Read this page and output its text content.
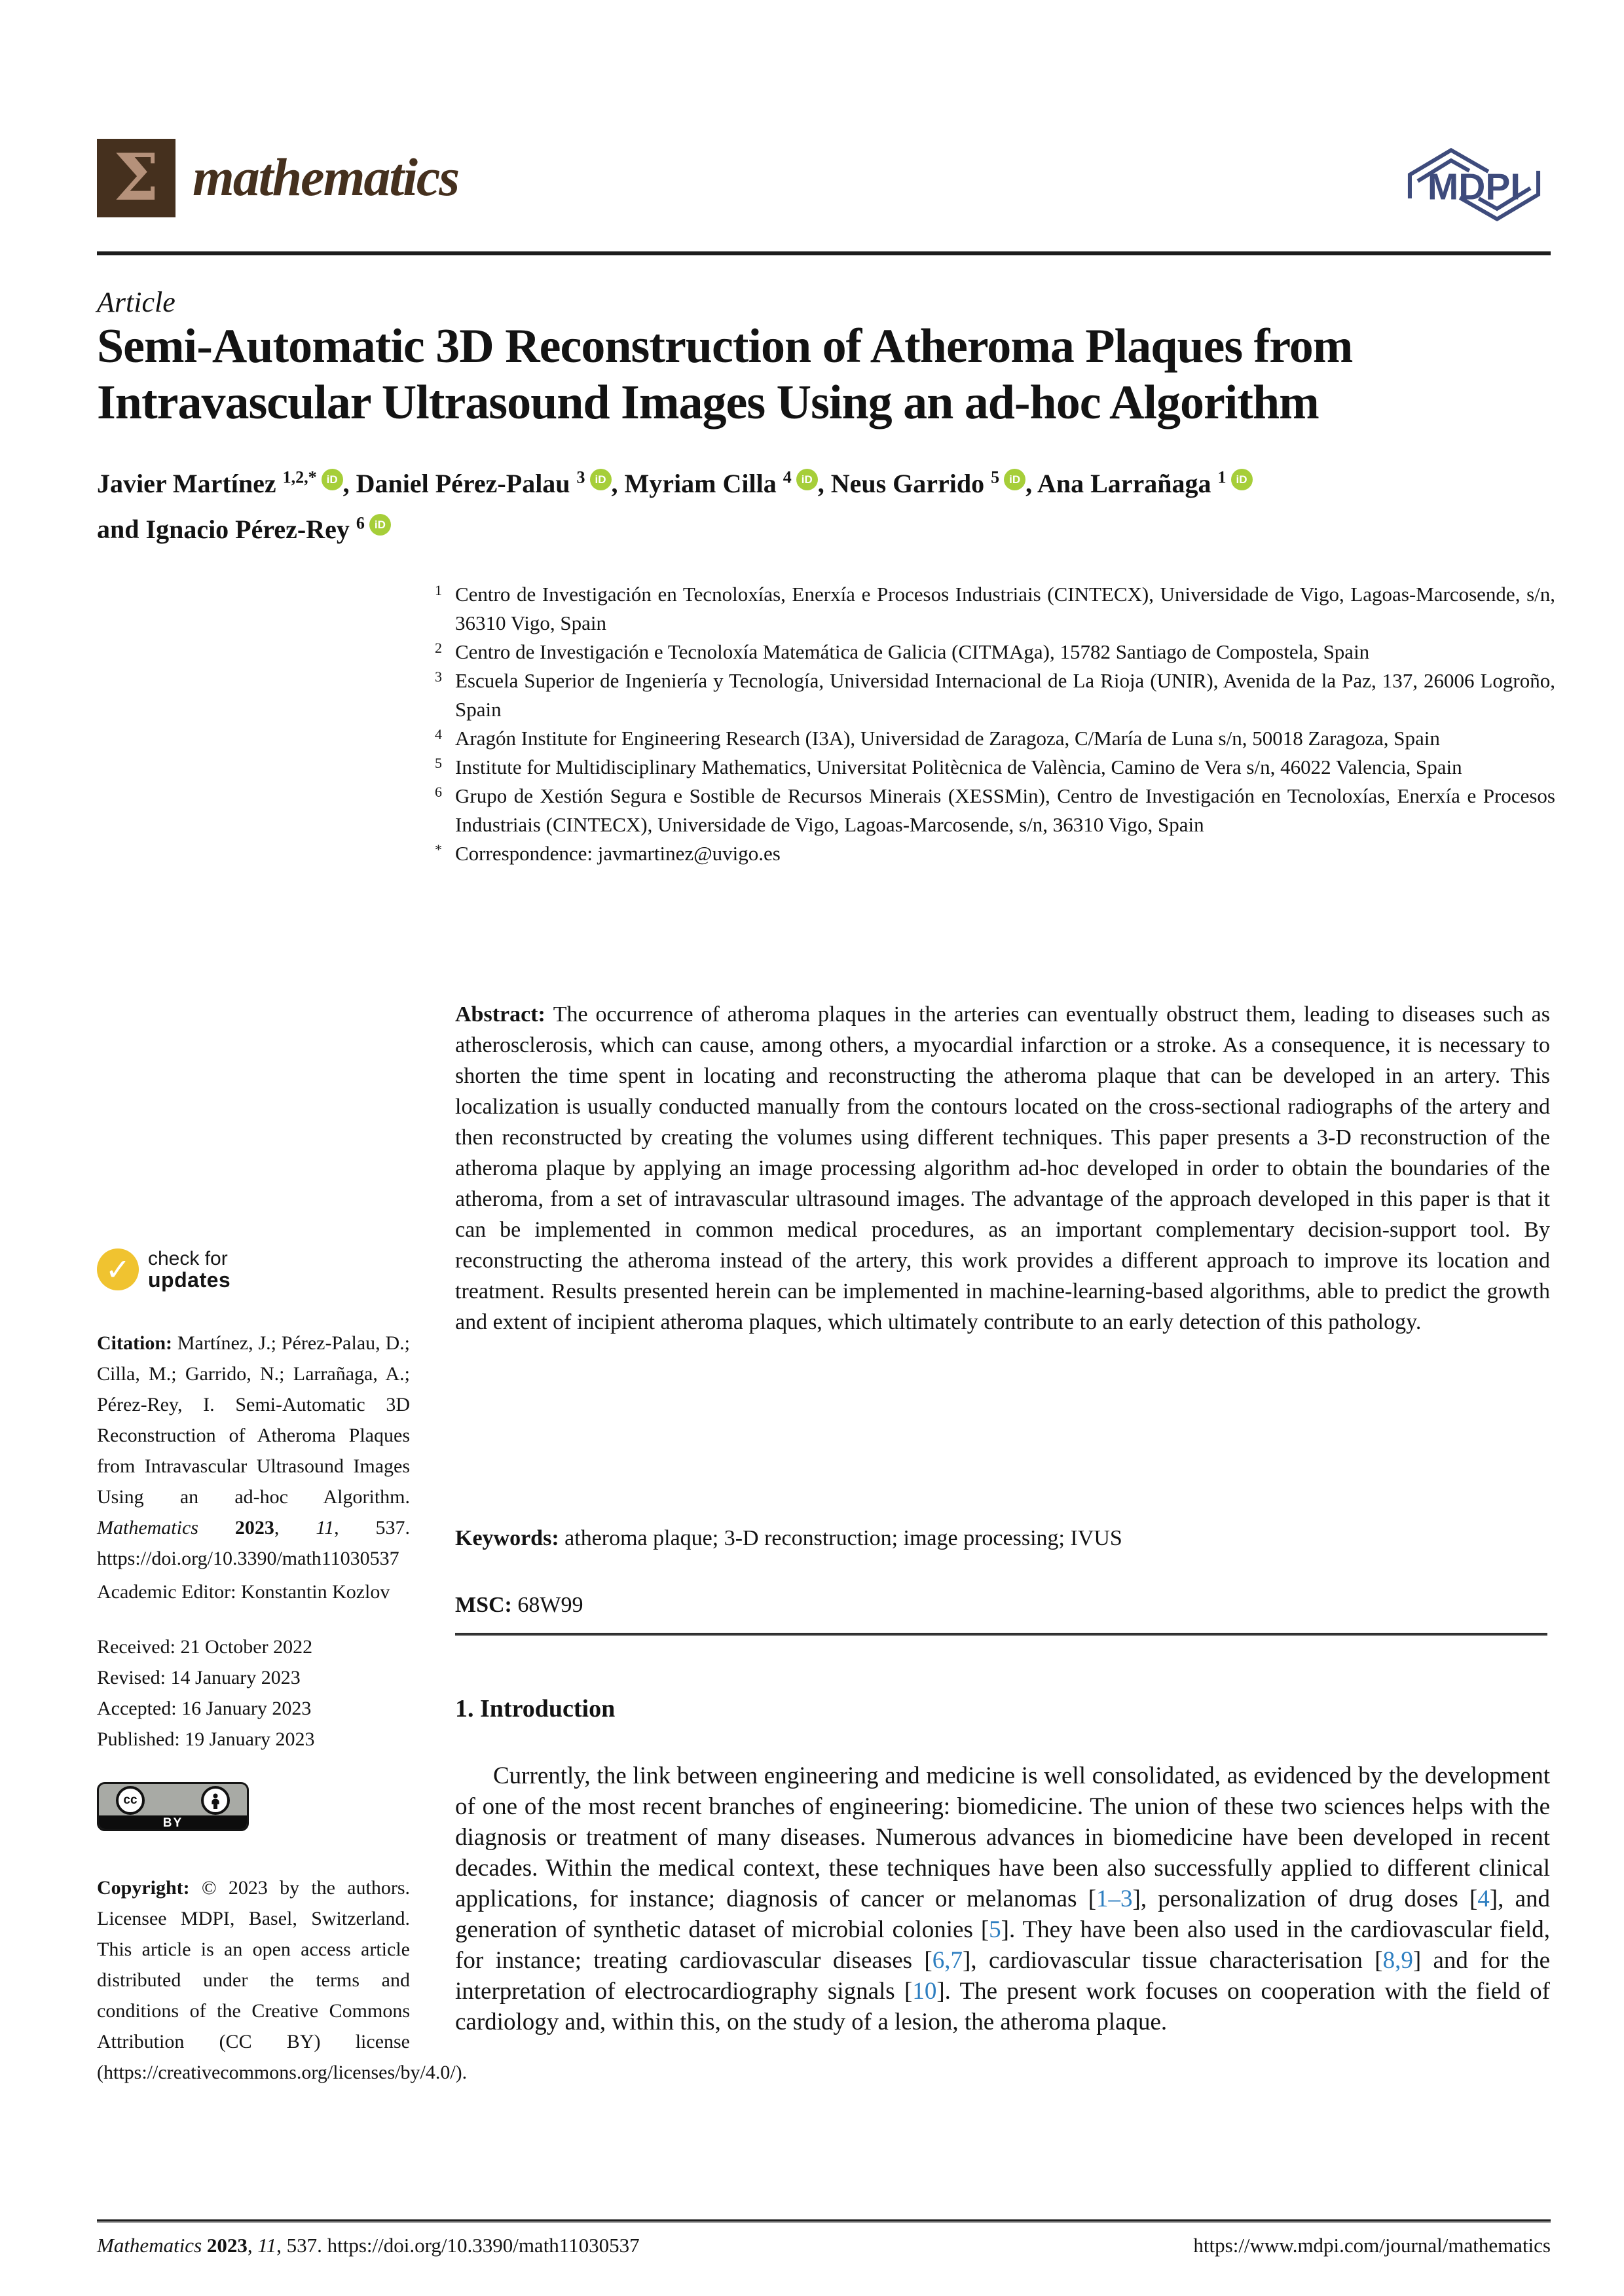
Σ mathematics	MDPI
Article
Semi-Automatic 3D Reconstruction of Atheroma Plaques from
Intravascular Ultrasound Images Using an ad-hoc Algorithm
Javier Martínez $^{1,2,*}$ iD , Daniel Pérez-Palau $^3$ iD , Myriam Cilla $^4$ iD , Neus Garrido $^5$ iD , Ana Larrañaga $^1$ iD
and Ignacio Pérez-Rey $^6$ iD
1 Centro de Investigación en Tecnoloxías, Enerxía e Procesos Industriais (CINTECX), Universidade de Vigo, Lagoas-Marcosende, s/n, 36310 Vigo, Spain
2 Centro de Investigación e Tecnoloxía Matemática de Galicia (CITMAga), 15782 Santiago de Compostela, Spain
3 Escuela Superior de Ingeniería y Tecnología, Universidad Internacional de La Rioja (UNIR), Avenida de la Paz, 137, 26006 Logroño, Spain
4 Aragón Institute for Engineering Research (I3A), Universidad de Zaragoza, C/María de Luna s/n, 50018 Zaragoza, Spain
5 Institute for Multidisciplinary Mathematics, Universitat Politècnica de València, Camino de Vera s/n, 46022 Valencia, Spain
6 Grupo de Xestión Segura e Sostible de Recursos Minerais (XESSMin), Centro de Investigación en Tecnoloxías, Enerxía e Procesos Industriais (CINTECX), Universidade de Vigo, Lagoas-Marcosende, s/n, 36310 Vigo, Spain
* Correspondence: javmartinez@uvigo.es

Abstract: The occurrence of atheroma plaques in the arteries can eventually obstruct them, leading to diseases such as atherosclerosis, which can cause, among others, a myocardial infarction or a stroke. As a consequence, it is necessary to shorten the time spent in locating and reconstructing the atheroma plaque that can be developed in an artery. This localization is usually conducted manually from the contours located on the cross-sectional radiographs of the artery and then reconstructed by creating the volumes using different techniques. This paper presents a 3-D reconstruction of the atheroma plaque by applying an image processing algorithm ad-hoc developed in order to obtain the boundaries of the atheroma, from a set of intravascular ultrasound images. The advantage of the approach developed in this paper is that it can be implemented in common medical procedures, as an important complementary decision-support tool. By reconstructing the atheroma instead of the artery, this work provides a different approach to improve its location and treatment. Results presented herein can be implemented in machine-learning-based algorithms, able to predict the growth and extent of incipient atheroma plaques, which ultimately contribute to an early detection of this pathology.

Keywords: atheroma plaque; 3-D reconstruction; image processing; IVUS

MSC: 68W99

1. Introduction

Currently, the link between engineering and medicine is well consolidated, as evidenced by the development of one of the most recent branches of engineering: biomedicine. The union of these two sciences helps with the diagnosis or treatment of many diseases. Numerous advances in biomedicine have been developed in recent decades. Within the medical context, these techniques have been also successfully applied to different clinical applications, for instance; diagnosis of cancer or melanomas [1–3], personalization of drug doses [4], and generation of synthetic dataset of microbial colonies [5]. They have been also used in the cardiovascular field, for instance; treating cardiovascular diseases [6,7], cardiovascular tissue characterisation [8,9] and for the interpretation of electrocardiography signals [10]. The present work focuses on cooperation with the field of cardiology and, within this, on the study of a lesion, the atheroma plaque.

✓ check for
updates

Citation: Martínez, J.; Pérez-Palau, D.; Cilla, M.; Garrido, N.; Larrañaga, A.; Pérez-Rey, I. Semi-Automatic 3D Reconstruction of Atheroma Plaques from Intravascular Ultrasound Images Using an ad-hoc Algorithm. Mathematics 2023, 11, 537. https://doi.org/10.3390/math11030537

Academic Editor: Konstantin Kozlov
Received: 21 October 2022
Revised: 14 January 2023
Accepted: 16 January 2023
Published: 19 January 2023
cc
BY

Copyright: © 2023 by the authors. Licensee MDPI, Basel, Switzerland. This article is an open access article distributed under the terms and conditions of the Creative Commons Attribution (CC BY) license (https://creativecommons.org/licenses/by/4.0/).

Mathematics 2023, 11, 537. https://doi.org/10.3390/math11030537	https://www.mdpi.com/journal/mathematics
